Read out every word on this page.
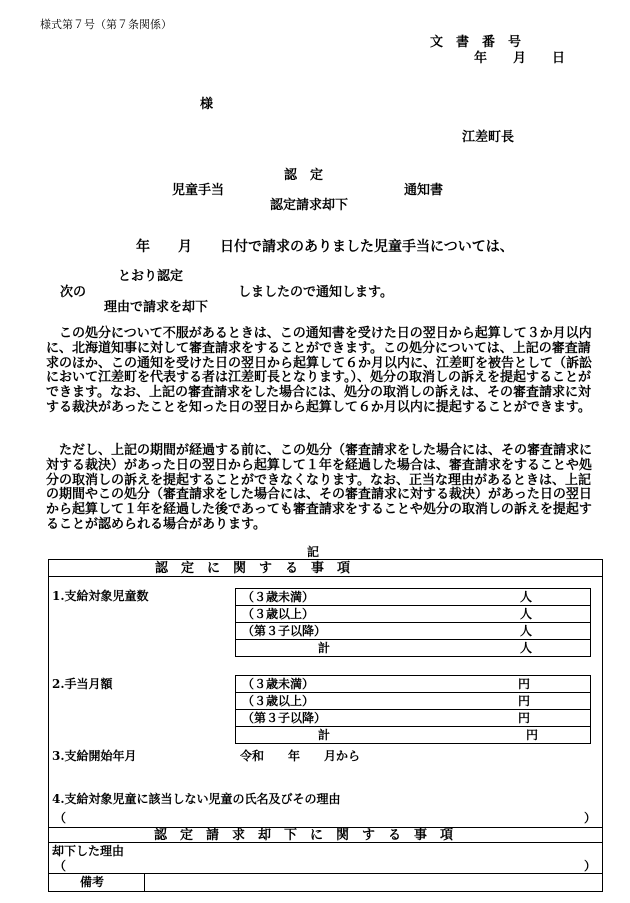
様式第７号（第７条関係）
文　書　番　号
年　　月　　日
様
江差町長
認　定
児童手当	通知書
認定請求却下
年　　月　　日付で請求のありました児童手当については、
とおり認定
次の	しましたので通知します。
理由で請求を却下
　この処分について不服があるときは、この通知書を受けた日の翌日から起算して３か月以内に、北海道知事に対して審査請求をすることができます。この処分については、上記の審査請求のほか、この通知を受けた日の翌日から起算して６か月以内に、江差町を被告として（訴訟において江差町を代表する者は江差町長となります。）、処分の取消しの訴えを提起することができます。なお、上記の審査請求をした場合には、処分の取消しの訴えは、その審査請求に対する裁決があったことを知った日の翌日から起算して６か月以内に提起することができます。
　ただし、上記の期間が経過する前に、この処分（審査請求をした場合には、その審査請求に対する裁決）があった日の翌日から起算して１年を経過した場合は、審査請求をすることや処分の取消しの訴えを提起することができなくなります。なお、正当な理由があるときは、上記の期間やこの処分（審査請求をした場合には、その審査請求に対する裁決）があった日の翌日から起算して１年を経過した後であっても審査請求をすることや処分の取消しの訴えを提起することが認められる場合があります。
記
認　定　に　関　す　る　事　項
1.支給対象児童数	（３歳未満）	人
（３歳以上）	人
（第３子以降）	人
計	人
2.手当月額	（３歳未満）	円
（３歳以上）	円
（第３子以降）	円
計	円
3.支給開始年月	令和　　年　　月から
4.支給対象児童に該当しない児童の氏名及びその理由
（	）
認　定　請　求　却　下　に　関　す　る　事　項
却下した理由
（	）
備考
